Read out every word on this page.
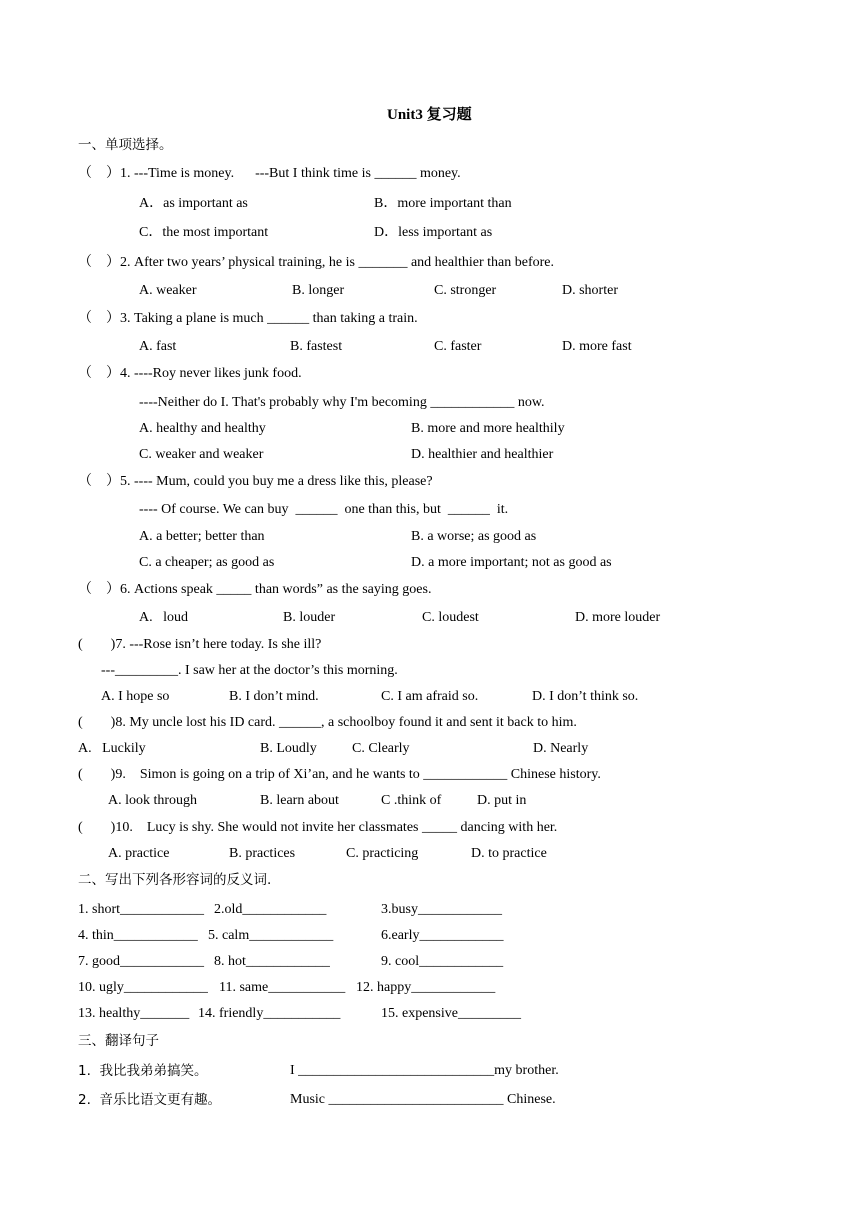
Unit3 复习题
一、单项选择。
（    ）1. ---Time is money.      ---But I think time is ______ money.
A．as important as	B．more important than
C．the most important	D．less important as
（    ）2. After two years’ physical training, he is _______ and healthier than before.
A. weaker	B. longer	C. stronger	D. shorter
（    ）3. Taking a plane is much ______ than taking a train.
A. fast	B. fastest	C. faster	D. more fast
（    ）4. ----Roy never likes junk food.
----Neither do I. That's probably why I'm becoming ____________ now.
A. healthy and healthy	B. more and more healthily
C. weaker and weaker	D. healthier and healthier
（    ）5. ---- Mum, could you buy me a dress like this, please?
---- Of course. We can buy  ______  one than this, but  ______  it.
A. a better; better than	B. a worse; as good as
C. a cheaper; as good as	D. a more important; not as good as
（    ）6. Actions speak _____ than words” as the saying goes.
A.   loud	B. louder	C. loudest	D. more louder
(        )7. ---Rose isn’t here today. Is she ill?
---_________. I saw her at the doctor’s this morning.
A. I hope so	B. I don’t mind.	C. I am afraid so.	D. I don’t think so.
(        )8. My uncle lost his ID card. ______, a schoolboy found it and sent it back to him.
A.   Luckily	B. Loudly	C. Clearly	D. Nearly
(        )9.    Simon is going on a trip of Xi’an, and he wants to ____________ Chinese history.
A. look through	B. learn about	C .think of	D. put in
(        )10.    Lucy is shy. She would not invite her classmates _____ dancing with her.
A. practice	B. practices	C. practicing	D. to practice
二、写出下列各形容词的反义词.
1. short____________ 2.old____________	3.busy____________
4. thin____________ 5. calm____________	6.early____________
7. good____________ 8. hot____________	9. cool____________
10. ugly____________ 11. same___________ 12. happy____________
13. healthy_______ 14. friendly___________	15. expensive_________
三、翻译句子
1.  我比我弟弟搞笑。	I ____________________________my brother.
2.  音乐比语文更有趣。	Music _________________________ Chinese.
